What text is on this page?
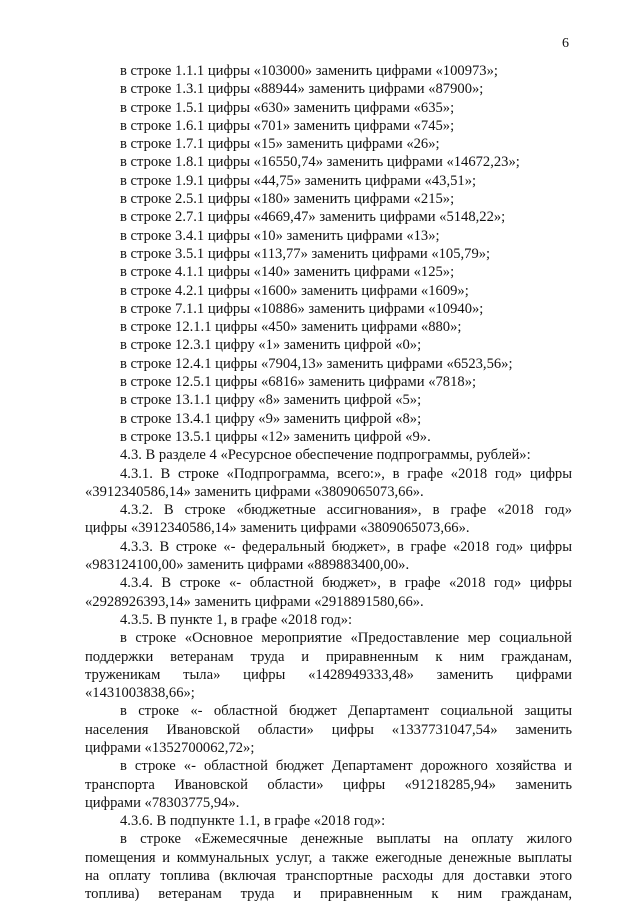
6

в строке 1.1.1 цифры «103000» заменить цифрами «100973»;

в строке 1.3.1 цифры «88944» заменить цифрами «87900»;

в строке 1.5.1 цифры «630» заменить цифрами «635»;

в строке 1.6.1 цифры «701» заменить цифрами «745»;

в строке 1.7.1 цифры «15» заменить цифрами «26»;

в строке 1.8.1 цифры «16550,74» заменить цифрами «14672,23»;

в строке 1.9.1 цифры «44,75» заменить цифрами «43,51»;

в строке 2.5.1 цифры «180» заменить цифрами «215»;

в строке 2.7.1 цифры «4669,47» заменить цифрами «5148,22»;

в строке 3.4.1 цифры «10» заменить цифрами «13»;

в строке 3.5.1 цифры «113,77» заменить цифрами «105,79»;

в строке 4.1.1 цифры «140» заменить цифрами «125»;

в строке 4.2.1 цифры «1600» заменить цифрами «1609»;

в строке 7.1.1 цифры «10886» заменить цифрами «10940»;

в строке 12.1.1 цифры «450» заменить цифрами «880»;

в строке 12.3.1 цифру «1» заменить цифрой «0»;

в строке 12.4.1 цифры «7904,13» заменить цифрами «6523,56»;

в строке 12.5.1 цифры «6816» заменить цифрами «7818»;

в строке 13.1.1 цифру «8» заменить цифрой «5»;

в строке 13.4.1 цифру «9» заменить цифрой «8»;

в строке 13.5.1 цифры «12» заменить цифрой «9».

4.3. В разделе 4 «Ресурсное обеспечение подпрограммы, рублей»:

4.3.1. В строке «Подпрограмма, всего:», в графе «2018 год» цифры

«3912340586,14» заменить цифрами «3809065073,66».

4.3.2. В строке «бюджетные ассигнования», в графе «2018 год»

цифры «3912340586,14» заменить цифрами «3809065073,66».

4.3.3. В строке «- федеральный бюджет», в графе «2018 год» цифры

«983124100,00» заменить цифрами «889883400,00».

4.3.4. В строке «- областной бюджет», в графе «2018 год» цифры

«2928926393,14» заменить цифрами «2918891580,66».

4.3.5. В пункте 1, в графе «2018 год»:

в строке «Основное мероприятие «Предоставление мер социальной

поддержки ветеранам труда и приравненным к ним гражданам,

труженикам тыла» цифры «1428949333,48» заменить цифрами

«1431003838,66»;

в строке «- областной бюджет Департамент социальной защиты

населения Ивановской области» цифры «1337731047,54» заменить

цифрами «1352700062,72»;

в строке «- областной бюджет Департамент дорожного хозяйства и

транспорта Ивановской области» цифры «91218285,94» заменить

цифрами «78303775,94».

4.3.6. В подпункте 1.1, в графе «2018 год»:

в строке «Ежемесячные денежные выплаты на оплату жилого

помещения и коммунальных услуг, а также ежегодные денежные выплаты

на оплату топлива (включая транспортные расходы для доставки этого

топлива) ветеранам труда и приравненным к ним гражданам,
